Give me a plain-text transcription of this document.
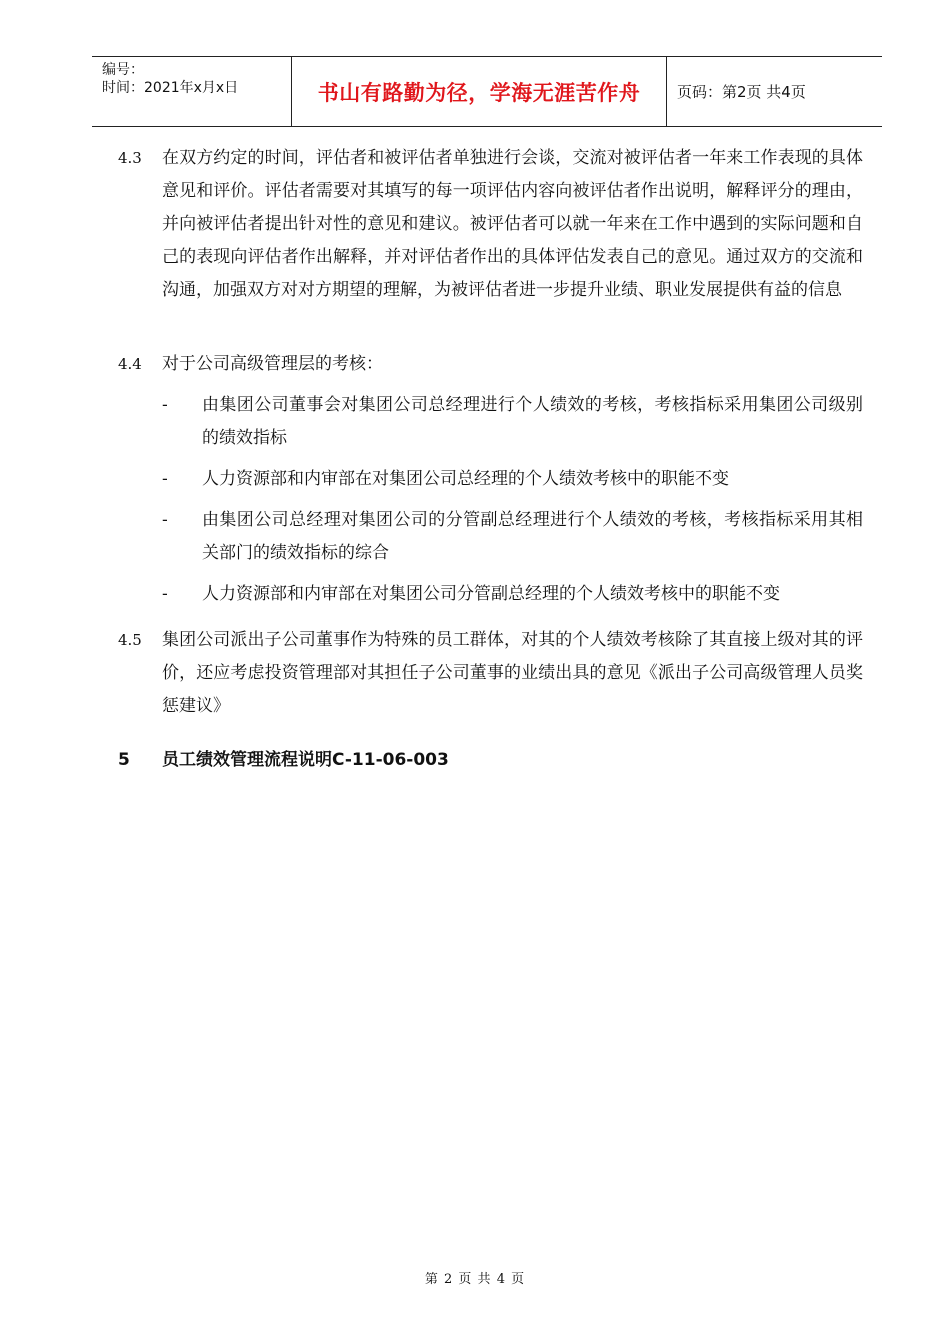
编号：
时间：2021年x月x日	书山有路勤为径，学海无涯苦作舟	页码：第2页 共4页
4.3	在双方约定的时间，评估者和被评估者单独进行会谈，交流对被评估者一年来工作表现的具体意见和评价。评估者需要对其填写的每一项评估内容向被评估者作出说明，解释评分的理由，并向被评估者提出针对性的意见和建议。被评估者可以就一年来在工作中遇到的实际问题和自己的表现向评估者作出解释，并对评估者作出的具体评估发表自己的意见。通过双方的交流和沟通，加强双方对对方期望的理解，为被评估者进一步提升业绩、职业发展提供有益的信息
4.4	对于公司高级管理层的考核：
- 由集团公司董事会对集团公司总经理进行个人绩效的考核，考核指标采用集团公司级别的绩效指标
- 人力资源部和内审部在对集团公司总经理的个人绩效考核中的职能不变
- 由集团公司总经理对集团公司的分管副总经理进行个人绩效的考核，考核指标采用其相关部门的绩效指标的综合
- 人力资源部和内审部在对集团公司分管副总经理的个人绩效考核中的职能不变
4.5	集团公司派出子公司董事作为特殊的员工群体，对其的个人绩效考核除了其直接上级对其的评价，还应考虑投资管理部对其担任子公司董事的业绩出具的意见《派出子公司高级管理人员奖惩建议》
5 员工绩效管理流程说明C-11-06-003
第 2 页 共 4 页
